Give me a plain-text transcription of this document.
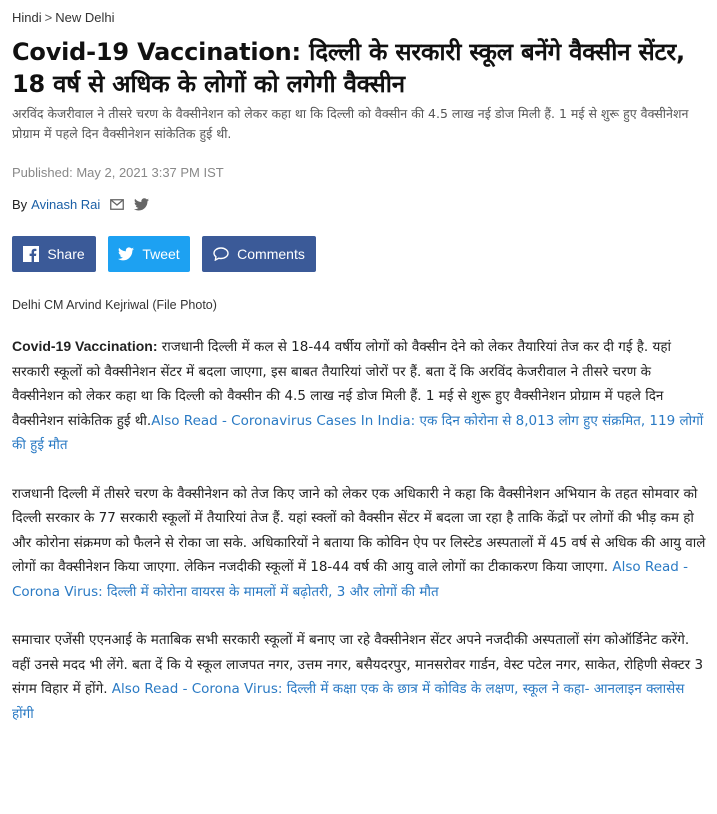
Hindi > New Delhi
Covid-19 Vaccination: दिल्ली के सरकारी स्कूल बनेंगे वैक्सीन सेंटर, 18 वर्ष से अधिक के लोगों को लगेगी वैक्सीन

अरविंद केजरीवाल ने तीसरे चरण के वैक्सीनेशन को लेकर कहा था कि दिल्ली को वैक्सीन की 4.5 लाख नई डोज मिली हैं. 1 मई से शुरू हुए वैक्सीनेशन प्रोग्राम में पहले दिन वैक्सीनेशन सांकेतिक हुई थी.

Published: May 2, 2021 3:37 PM IST
By Avinash Rai
Share	Tweet	Comments
Delhi CM Arvind Kejriwal (File Photo)

Covid-19 Vaccination: राजधानी दिल्ली में कल से 18-44 वर्षीय लोगों को वैक्सीन देने को लेकर तैयारियां तेज कर दी गई है. यहां सरकारी स्कूलों को वैक्सीनेशन सेंटर में बदला जाएगा, इस बाबत तैयारियां जोरों पर हैं. बता दें कि अरविंद केजरीवाल ने तीसरे चरण के वैक्सीनेशन को लेकर कहा था कि दिल्ली को वैक्सीन की 4.5 लाख नई डोज मिली हैं. 1 मई से शुरू हुए वैक्सीनेशन प्रोग्राम में पहले दिन वैक्सीनेशन सांकेतिक हुई थी.Also Read - Coronavirus Cases In India: एक दिन कोरोना से 8,013 लोग हुए संक्रमित, 119 लोगों की हुई मौत

राजधानी दिल्ली में तीसरे चरण के वैक्सीनेशन को तेज किए जाने को लेकर एक अधिकारी ने कहा कि वैक्सीनेशन अभियान के तहत सोमवार को दिल्ली सरकार के 77 सरकारी स्कूलों में तैयारियां तेज हैं. यहां स्क्लों को वैक्सीन सेंटर में बदला जा रहा है ताकि केंद्रों पर लोगों की भीड़ कम हो और कोरोना संक्रमण को फैलने से रोका जा सके. अधिकारियों ने बताया कि कोविन ऐप पर लिस्टेड अस्पतालों में 45 वर्ष से अधिक की आयु वाले लोगों का वैक्सीनेशन किया जाएगा. लेकिन नजदीकी स्कूलों में 18-44 वर्ष की आयु वाले लोगों का टीकाकरण किया जाएगा. Also Read - Corona Virus: दिल्ली में कोरोना वायरस के मामलों में बढ़ोतरी, 3 और लोगों की मौत

समाचार एजेंसी एएनआई के मताबिक सभी सरकारी स्कूलों में बनाए जा रहे वैक्सीनेशन सेंटर अपने नजदीकी अस्पतालों संग कोऑर्डिनेट करेंगे. वहीं उनसे मदद भी लेंगे. बता दें कि ये स्कूल लाजपत नगर, उत्तम नगर, बसैयदरपुर, मानसरोवर गार्डन, वेस्ट पटेल नगर, साकेत, रोहिणी सेक्टर 3 संगम विहार में होंगे. Also Read - Corona Virus: दिल्ली में कक्षा एक के छात्र में कोविड के लक्षण, स्कूल ने कहा- आनलाइन क्लासेस होंगी
